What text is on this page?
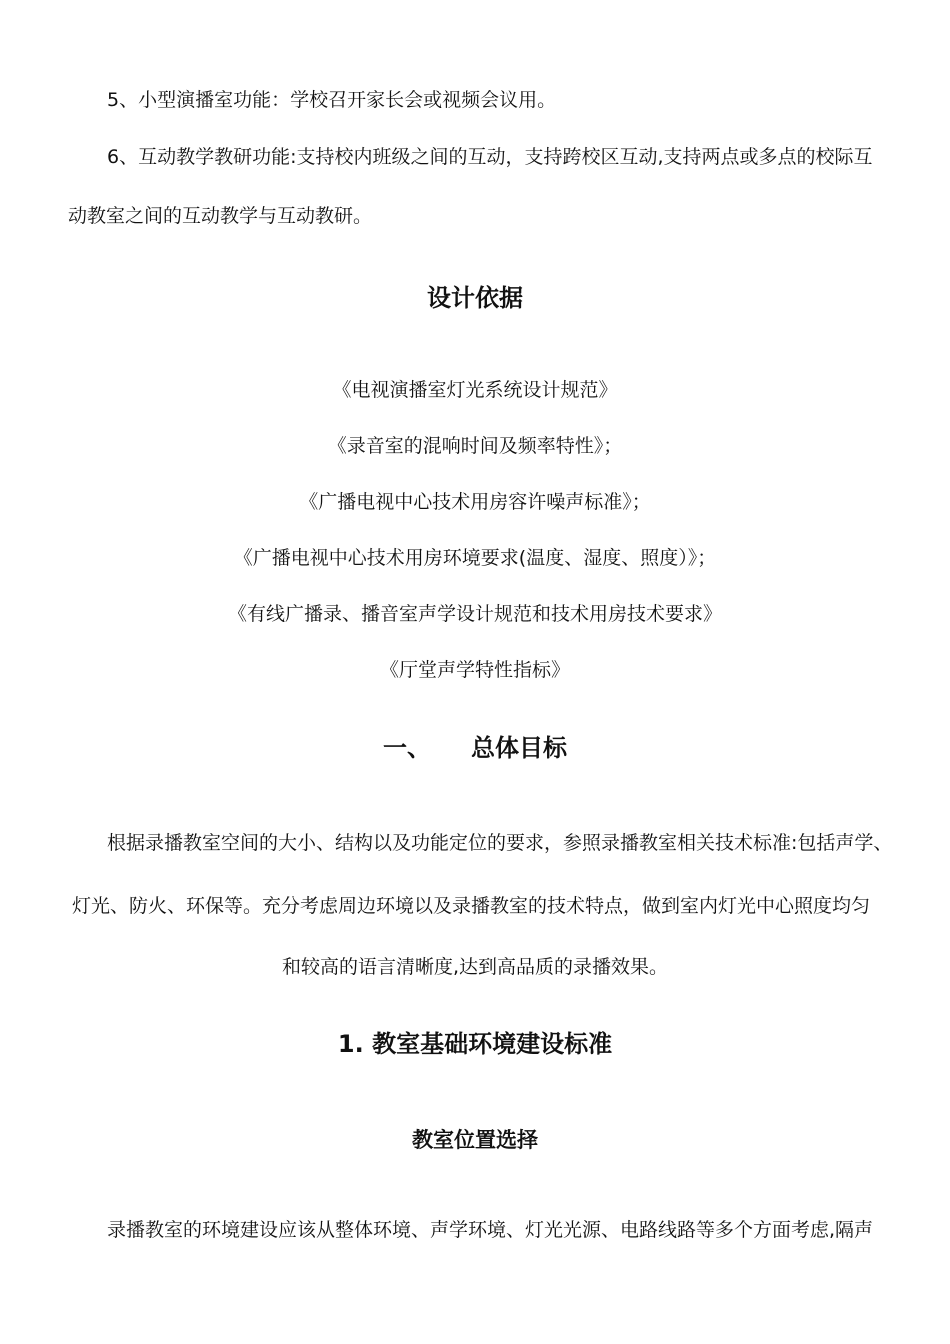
5、小型演播室功能：学校召开家长会或视频会议用。
6、互动教学教研功能:支持校内班级之间的互动，支持跨校区互动,支持两点或多点的校际互
动教室之间的互动教学与互动教研。
设计依据
《电视演播室灯光系统设计规范》
《录音室的混响时间及频率特性》；
《广播电视中心技术用房容许噪声标准》；
《广播电视中心技术用房环境要求(温度、湿度、照度）》；
《有线广播录、播音室声学设计规范和技术用房技术要求》
《厅堂声学特性指标》
一、 总体目标
根据录播教室空间的大小、结构以及功能定位的要求，参照录播教室相关技术标准:包括声学、
灯光、防火、环保等。充分考虑周边环境以及录播教室的技术特点，做到室内灯光中心照度均匀
和较高的语言清晰度,达到高品质的录播效果。
1. 教室基础环境建设标准
教室位置选择
录播教室的环境建设应该从整体环境、声学环境、灯光光源、电路线路等多个方面考虑,隔声
